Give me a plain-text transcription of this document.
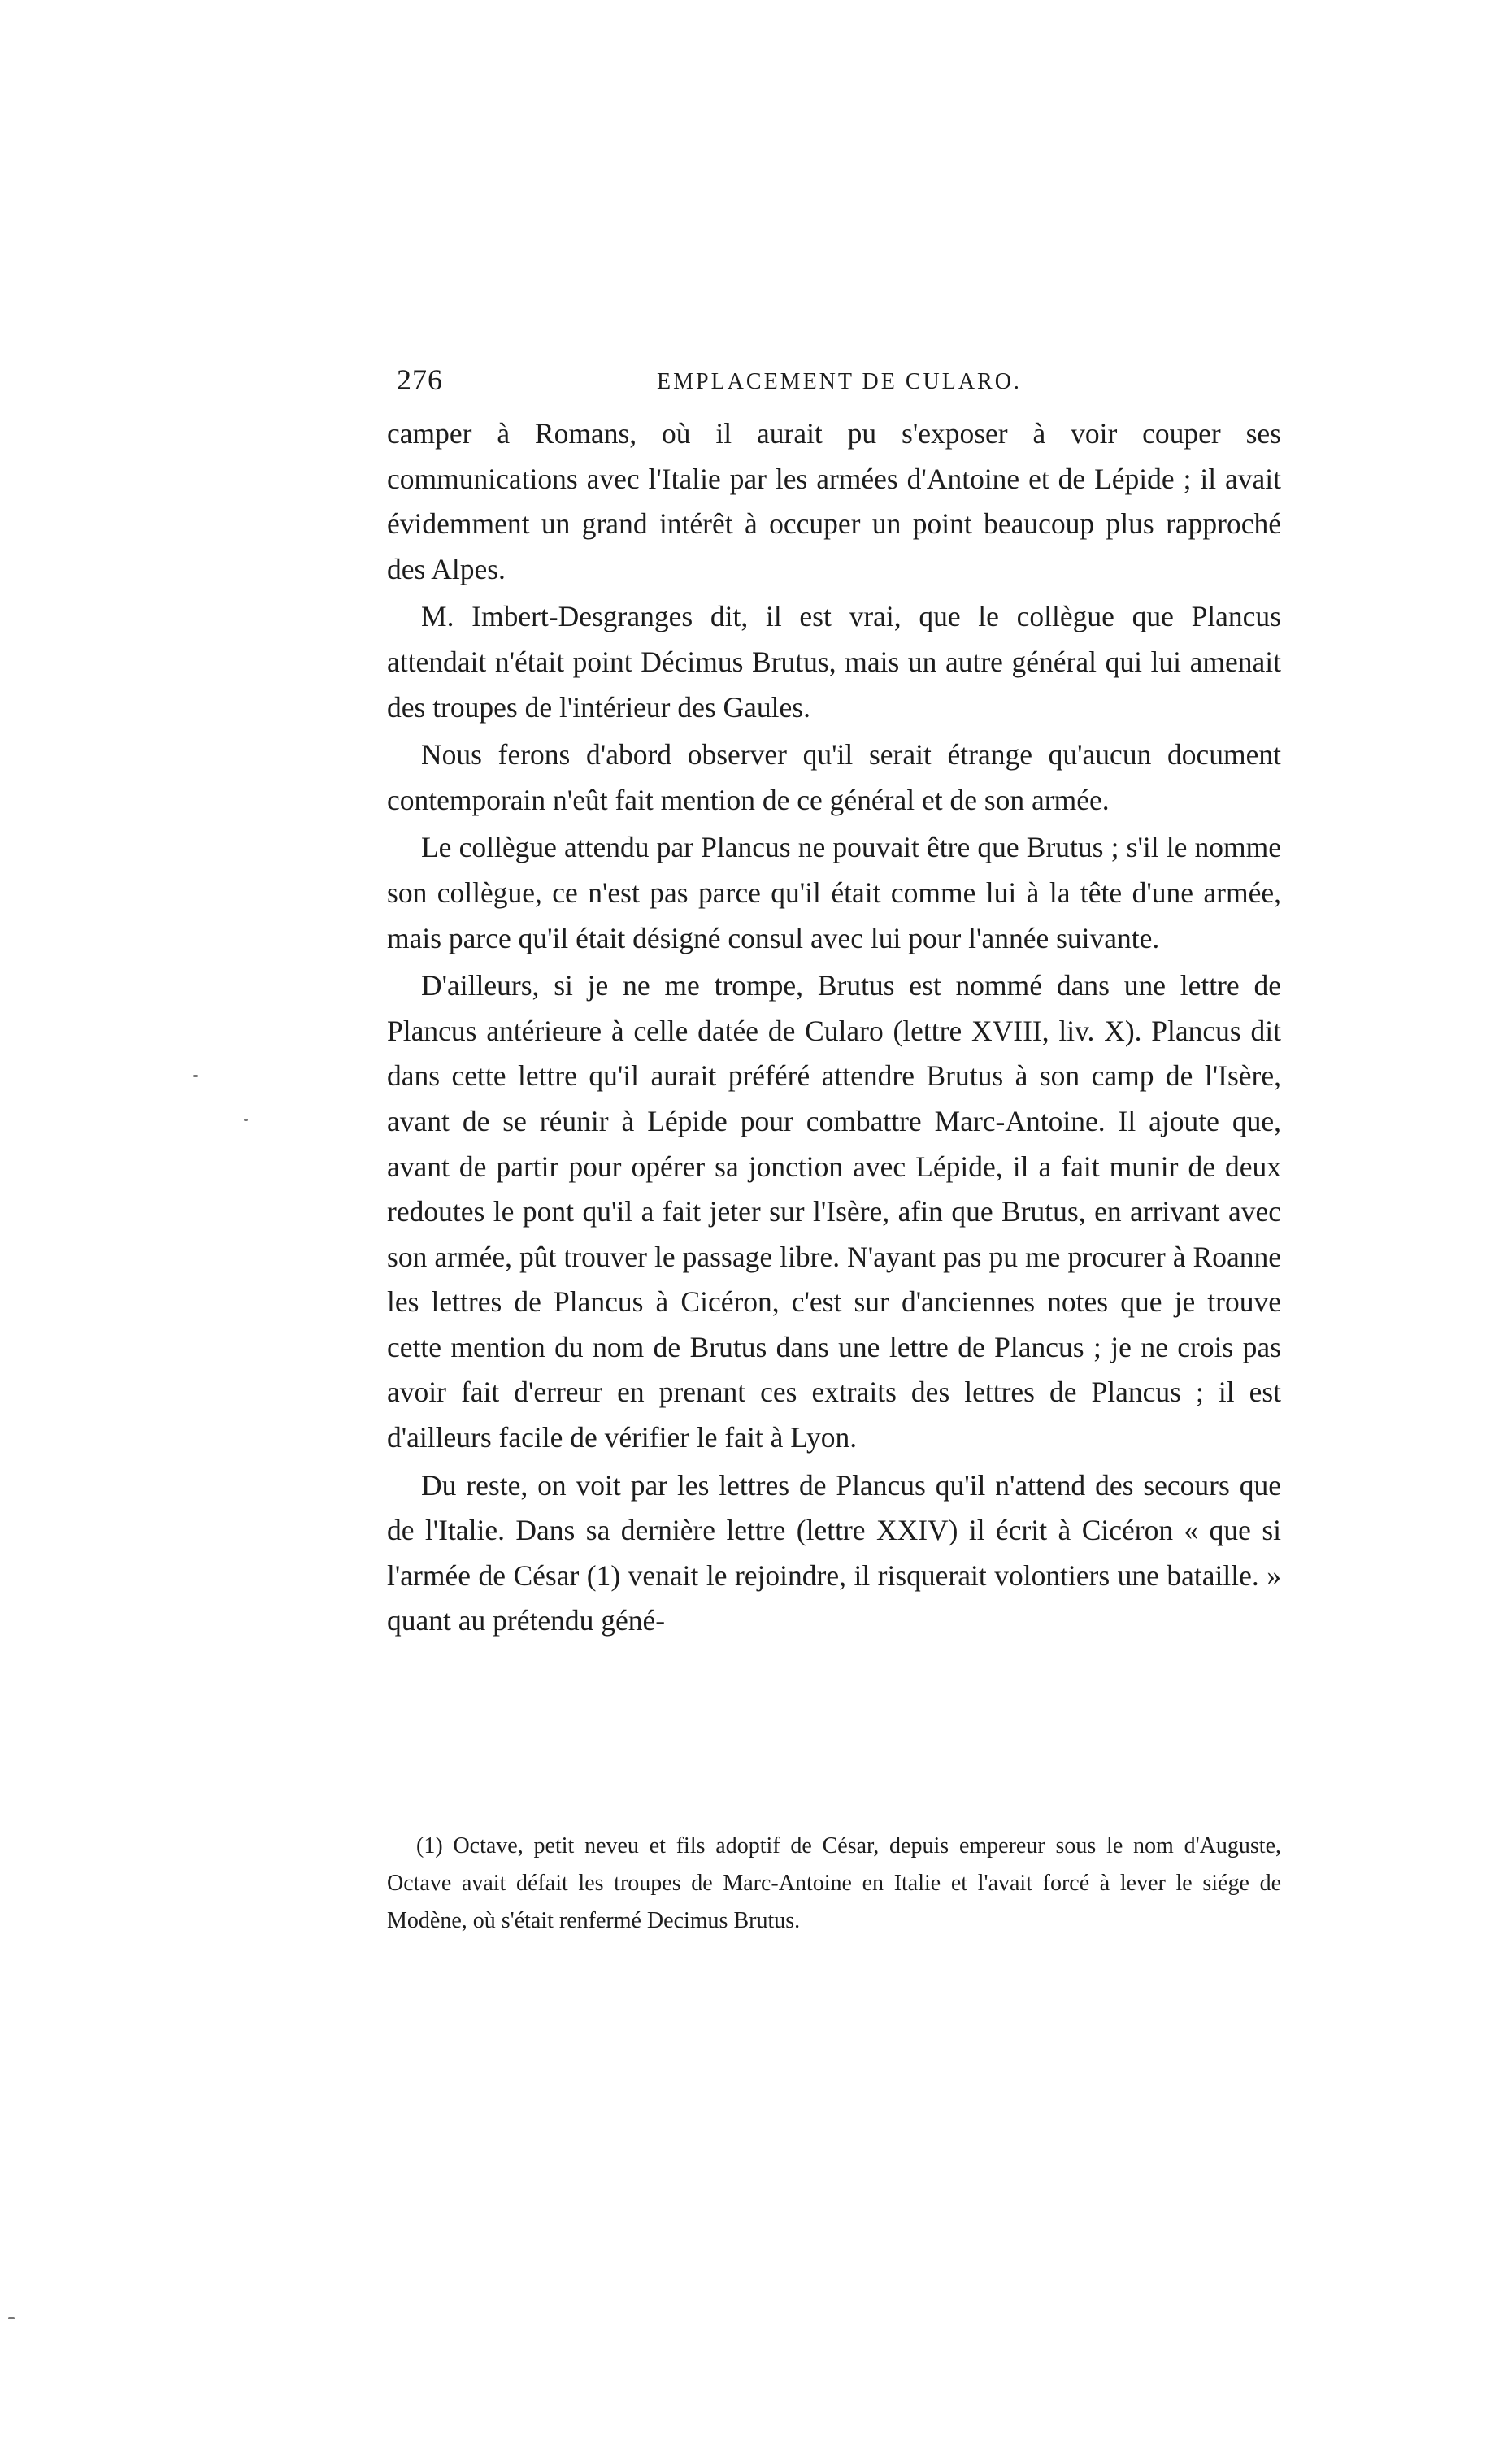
276	EMPLACEMENT DE CULARO.

camper à Romans, où il aurait pu s'exposer à voir couper ses communications avec l'Italie par les armées d'Antoine et de Lépide ; il avait évidemment un grand intérêt à occuper un point beaucoup plus rapproché des Alpes.

M. Imbert-Desgranges dit, il est vrai, que le collègue que Plancus attendait n'était point Décimus Brutus, mais un autre général qui lui amenait des troupes de l'intérieur des Gaules.

Nous ferons d'abord observer qu'il serait étrange qu'aucun document contemporain n'eût fait mention de ce général et de son armée.

Le collègue attendu par Plancus ne pouvait être que Brutus ; s'il le nomme son collègue, ce n'est pas parce qu'il était comme lui à la tête d'une armée, mais parce qu'il était désigné consul avec lui pour l'année suivante.

D'ailleurs, si je ne me trompe, Brutus est nommé dans une lettre de Plancus antérieure à celle datée de Cularo (lettre XVIII, liv. X). Plancus dit dans cette lettre qu'il aurait préféré attendre Brutus à son camp de l'Isère, avant de se réunir à Lépide pour combattre Marc-Antoine. Il ajoute que, avant de partir pour opérer sa jonction avec Lépide, il a fait munir de deux redoutes le pont qu'il a fait jeter sur l'Isère, afin que Brutus, en arrivant avec son armée, pût trouver le passage libre. N'ayant pas pu me procurer à Roanne les lettres de Plancus à Cicéron, c'est sur d'anciennes notes que je trouve cette mention du nom de Brutus dans une lettre de Plancus ; je ne crois pas avoir fait d'erreur en prenant ces extraits des lettres de Plancus ; il est d'ailleurs facile de vérifier le fait à Lyon.

Du reste, on voit par les lettres de Plancus qu'il n'attend des secours que de l'Italie. Dans sa dernière lettre (lettre XXIV) il écrit à Cicéron « que si l'armée de César (1) venait le rejoindre, il risquerait volontiers une bataille. » quant au prétendu géné-

(1) Octave, petit neveu et fils adoptif de César, depuis empereur sous le nom d'Auguste, Octave avait défait les troupes de Marc-Antoine en Italie et l'avait forcé à lever le siége de Modène, où s'était renfermé Decimus Brutus.
